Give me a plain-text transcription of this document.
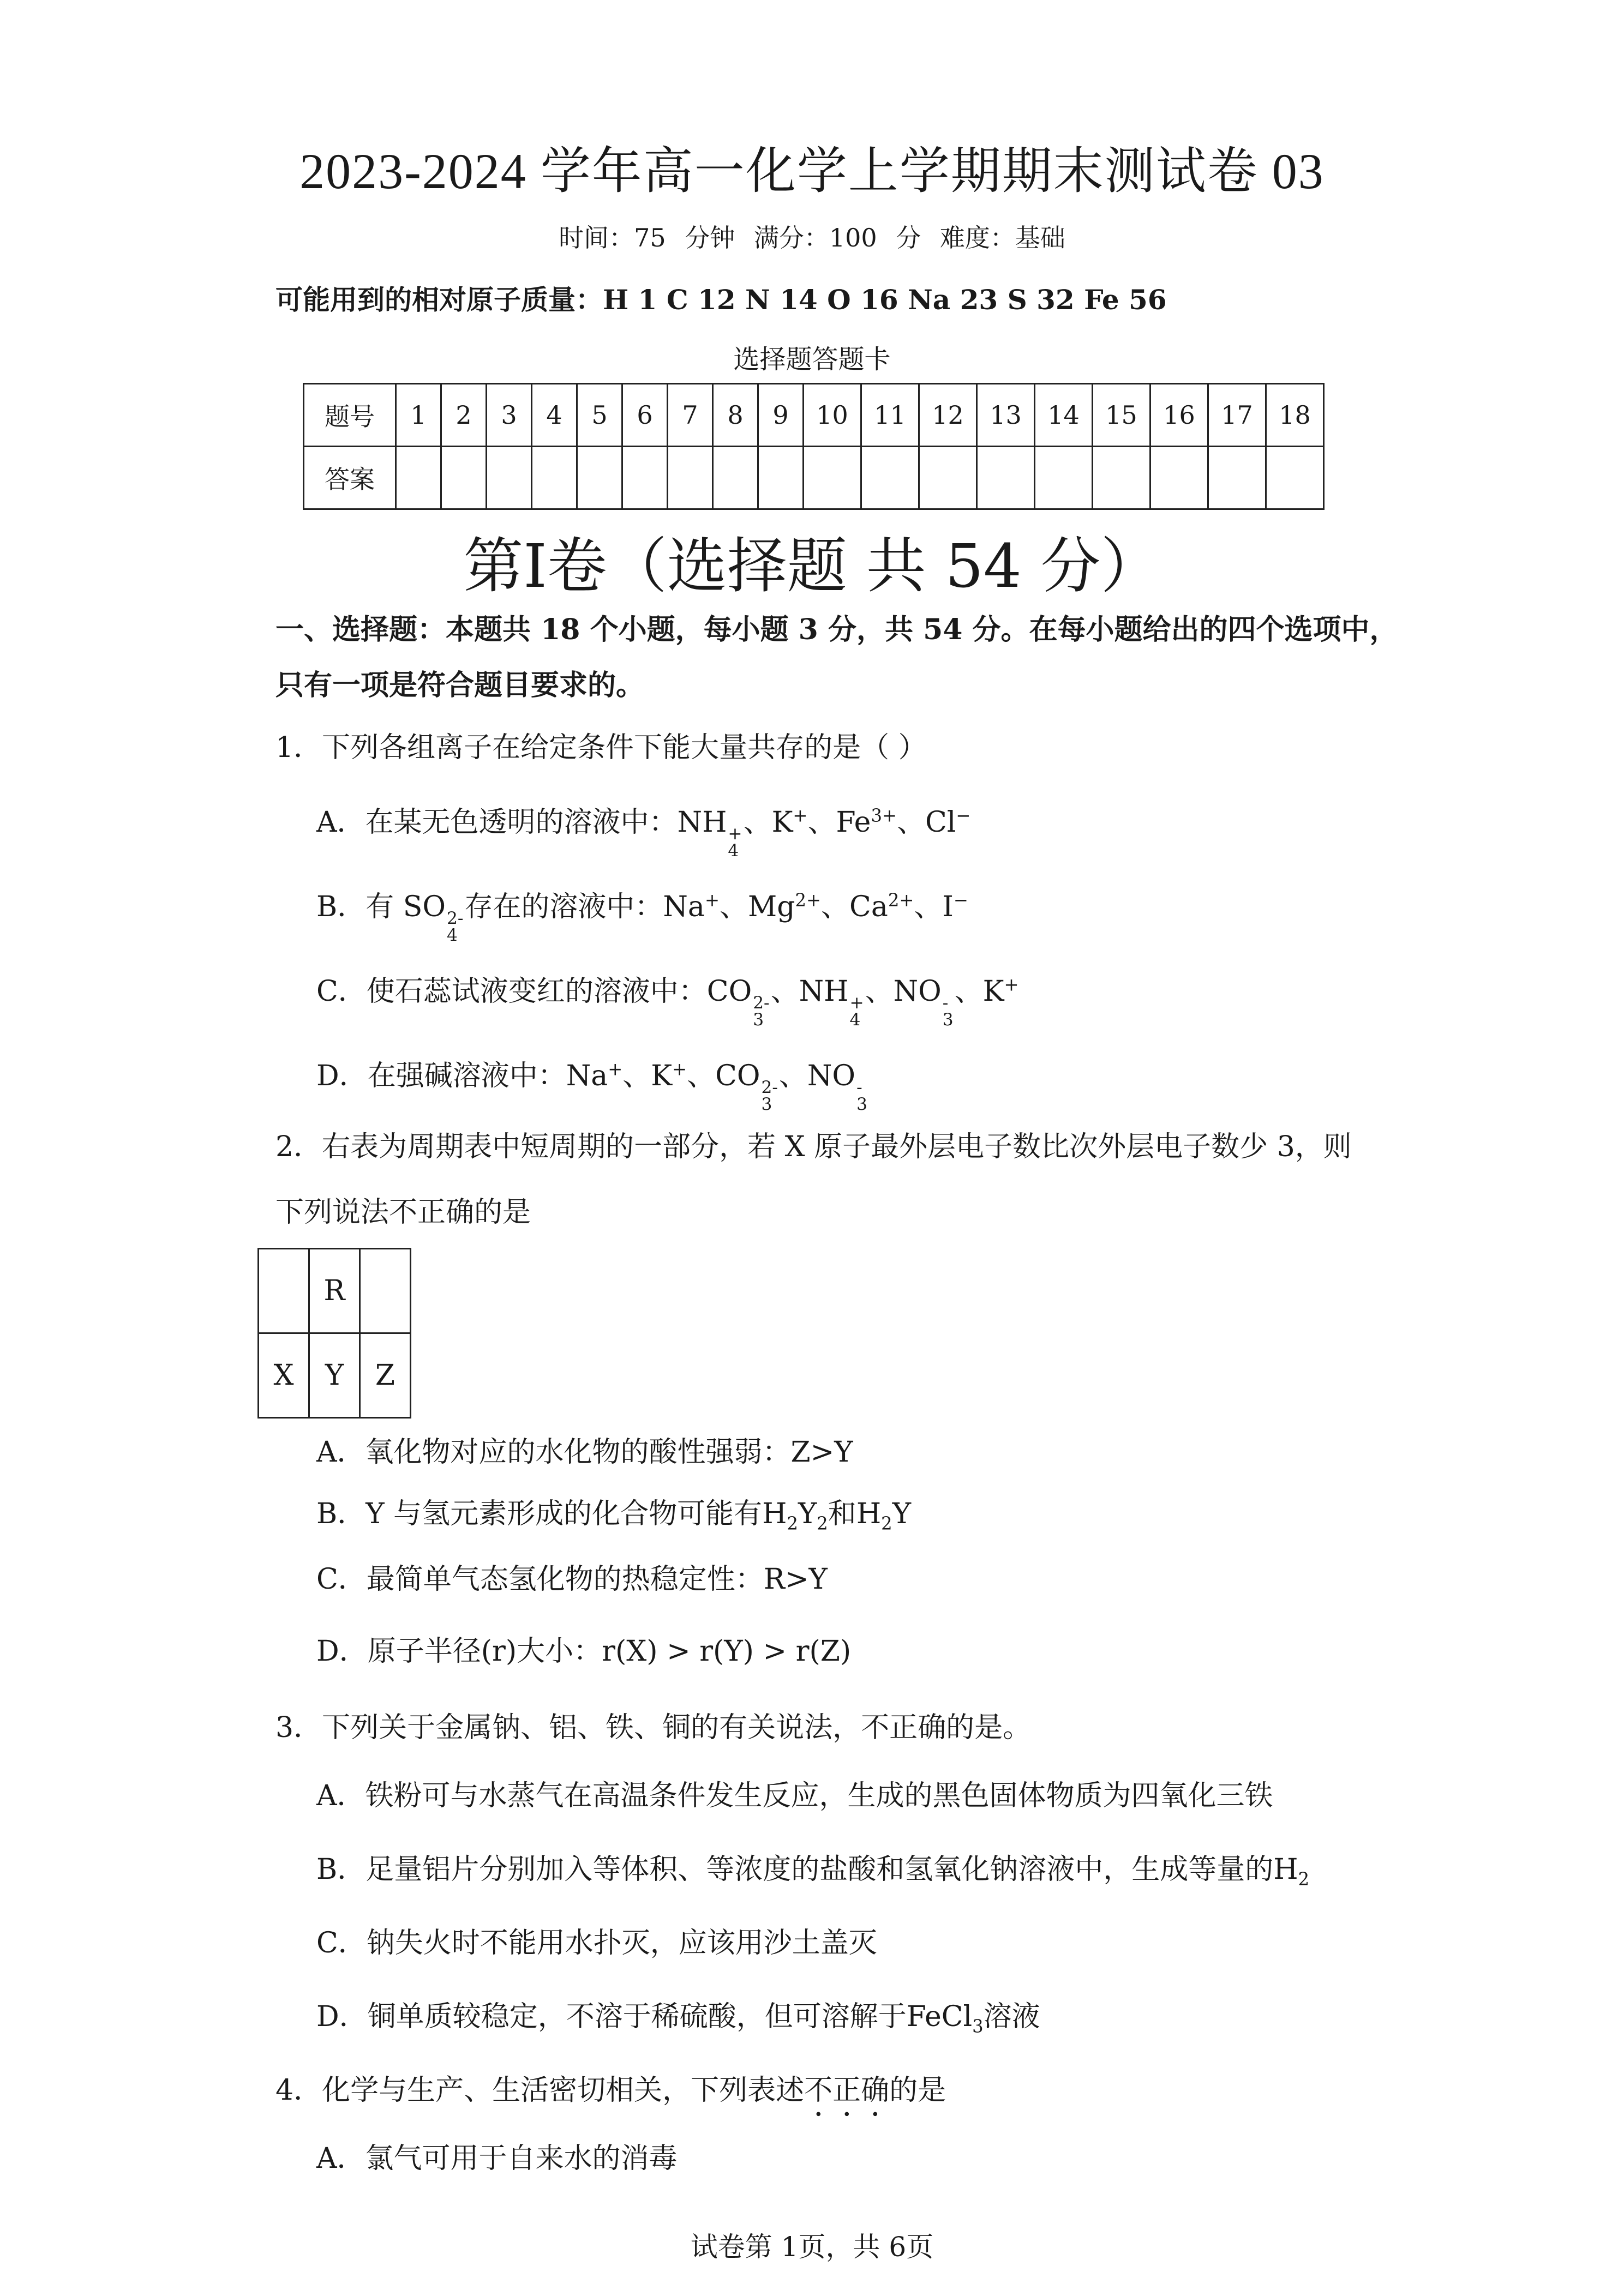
2023-2024 学年高一化学上学期期末测试卷 03
时间：75 分钟 满分：100 分 难度：基础
可能用到的相对原子质量：H 1 C 12 N 14 O 16 Na 23 S 32 Fe 56
选择题答题卡
题号	1	2	3	4	5	6	7	8	9	10	11	12	13	14	15	16	17	18
答案																		
第I卷（选择题 共 54 分）
一、选择题：本题共 18 个小题，每小题 3 分，共 54 分。在每小题给出的四个选项中，
只有一项是符合题目要求的。
1．下列各组离子在给定条件下能大量共存的是（ ）
A．在某无色透明的溶液中：NH +
4
、K+、$Fe^{3+}$、Cl−
B．有 SO 2-
4
存在的溶液中：Na+、$Mg^{2+}$、$Ca^{2+}$、I−
C．使石蕊试液变红的溶液中：CO 2-
3
、NH +
4
、NO -
3
、K+
D．在强碱溶液中：Na+、K+、CO 2-
3
、NO -
3
2．右表为周期表中短周期的一部分，若 X 原子最外层电子数比次外层电子数少 3，则
下列说法不正确的是
	R	
X	Y	Z
A．氧化物对应的水化物的酸性强弱：Z>Y
B．Y 与氢元素形成的化合物可能有$H_2Y_2$和$H_2Y$
C．最简单气态氢化物的热稳定性：R>Y
D．原子半径(r)大小：r(X) > r(Y) > r(Z)
3．下列关于金属钠、铝、铁、铜的有关说法，不正确的是。
A．铁粉可与水蒸气在高温条件发生反应，生成的黑色固体物质为四氧化三铁
B．足量铝片分别加入等体积、等浓度的盐酸和氢氧化钠溶液中，生成等量的$H_2$
C．钠失火时不能用水扑灭，应该用沙土盖灭
D．铜单质较稳定，不溶于稀硫酸，但可溶解于FeCl$_3$溶液
4．化学与生产、生活密切相关，下列表述不正确的是
A．氯气可用于自来水的消毒
试卷第 1页，共 6页
